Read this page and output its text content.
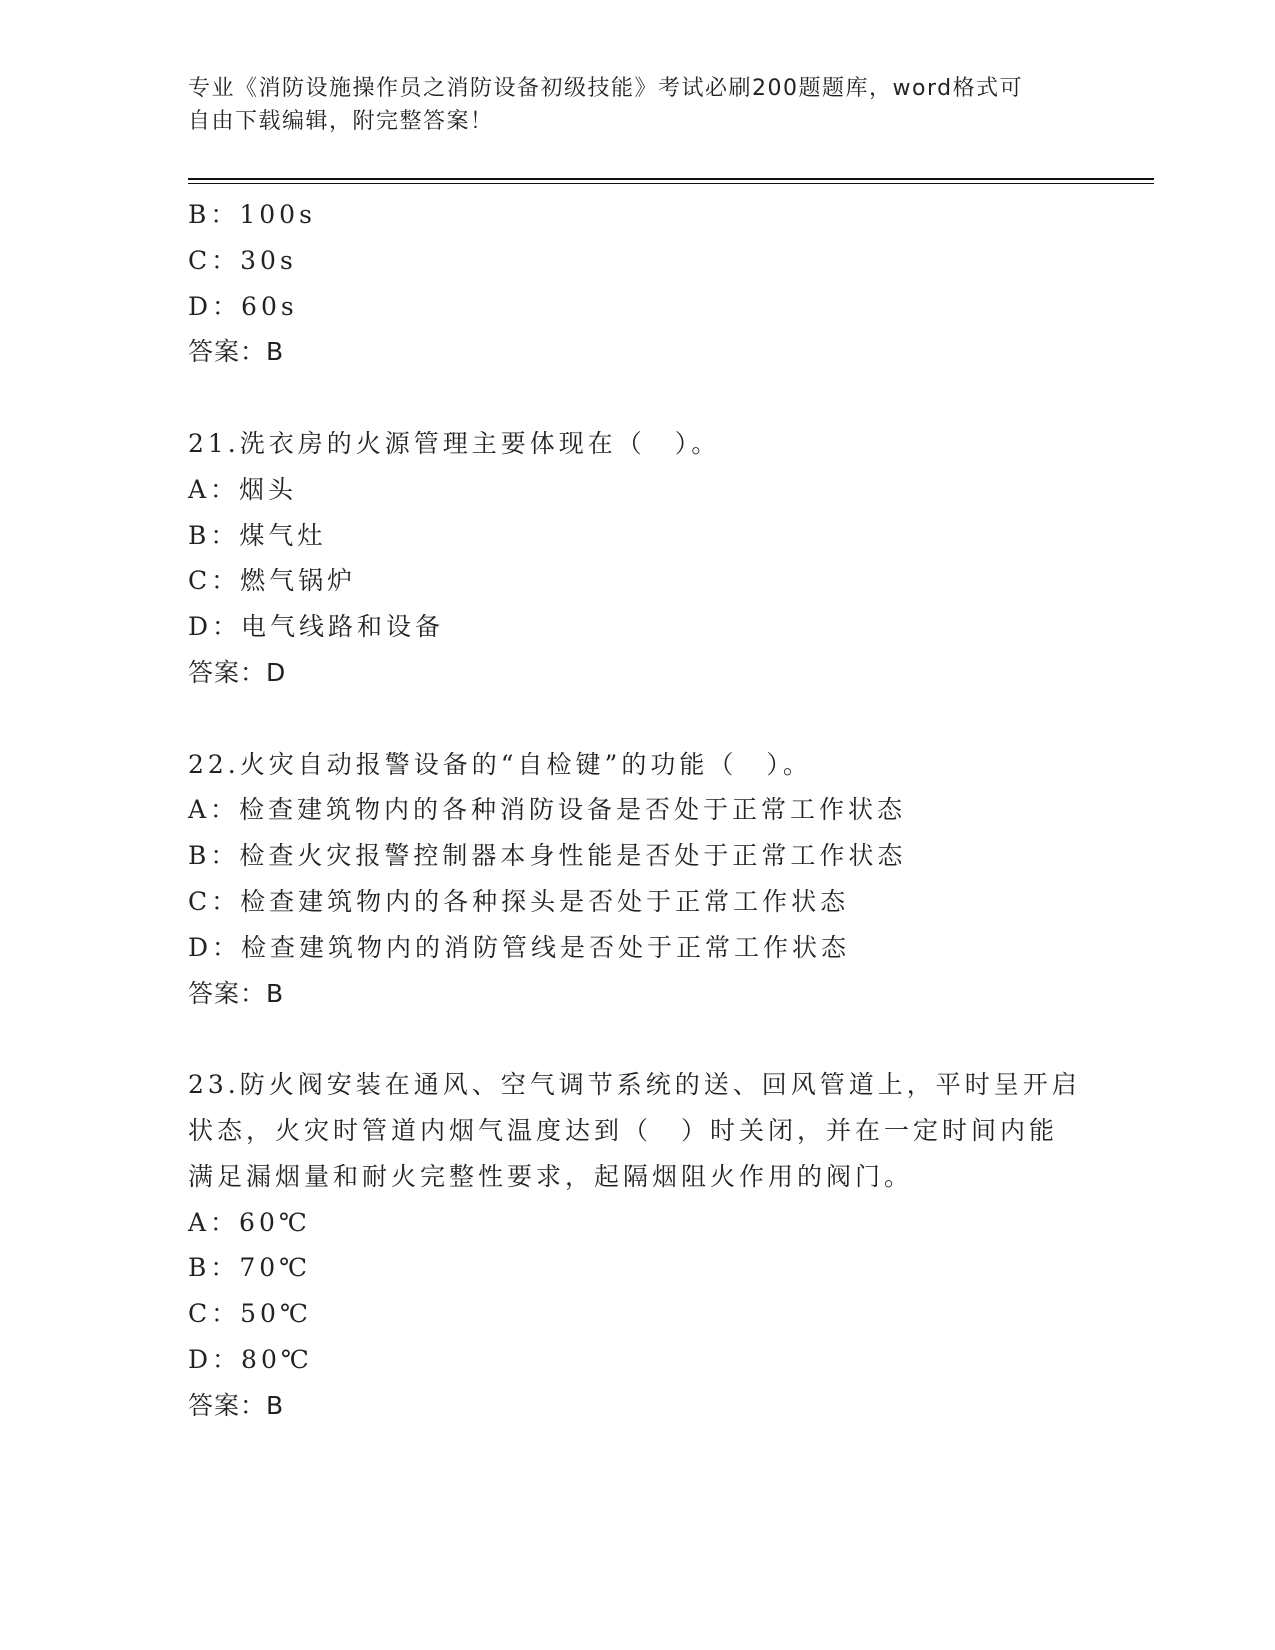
专业《消防设施操作员之消防设备初级技能》考试必刷200题题库，word格式可
自由下载编辑，附完整答案！
B：100s
C：30s
D：60s
答案：B
21.洗衣房的火源管理主要体现在（　）。
A：烟头
B：煤气灶
C：燃气锅炉
D：电气线路和设备
答案：D
22.火灾自动报警设备的“自检键”的功能（　）。
A：检查建筑物内的各种消防设备是否处于正常工作状态
B：检查火灾报警控制器本身性能是否处于正常工作状态
C：检查建筑物内的各种探头是否处于正常工作状态
D：检查建筑物内的消防管线是否处于正常工作状态
答案：B
23.防火阀安装在通风、空气调节系统的送、回风管道上，平时呈开启
状态，火灾时管道内烟气温度达到（　）时关闭，并在一定时间内能
满足漏烟量和耐火完整性要求，起隔烟阻火作用的阀门。
A：60℃
B：70℃
C：50℃
D：80℃
答案：B
